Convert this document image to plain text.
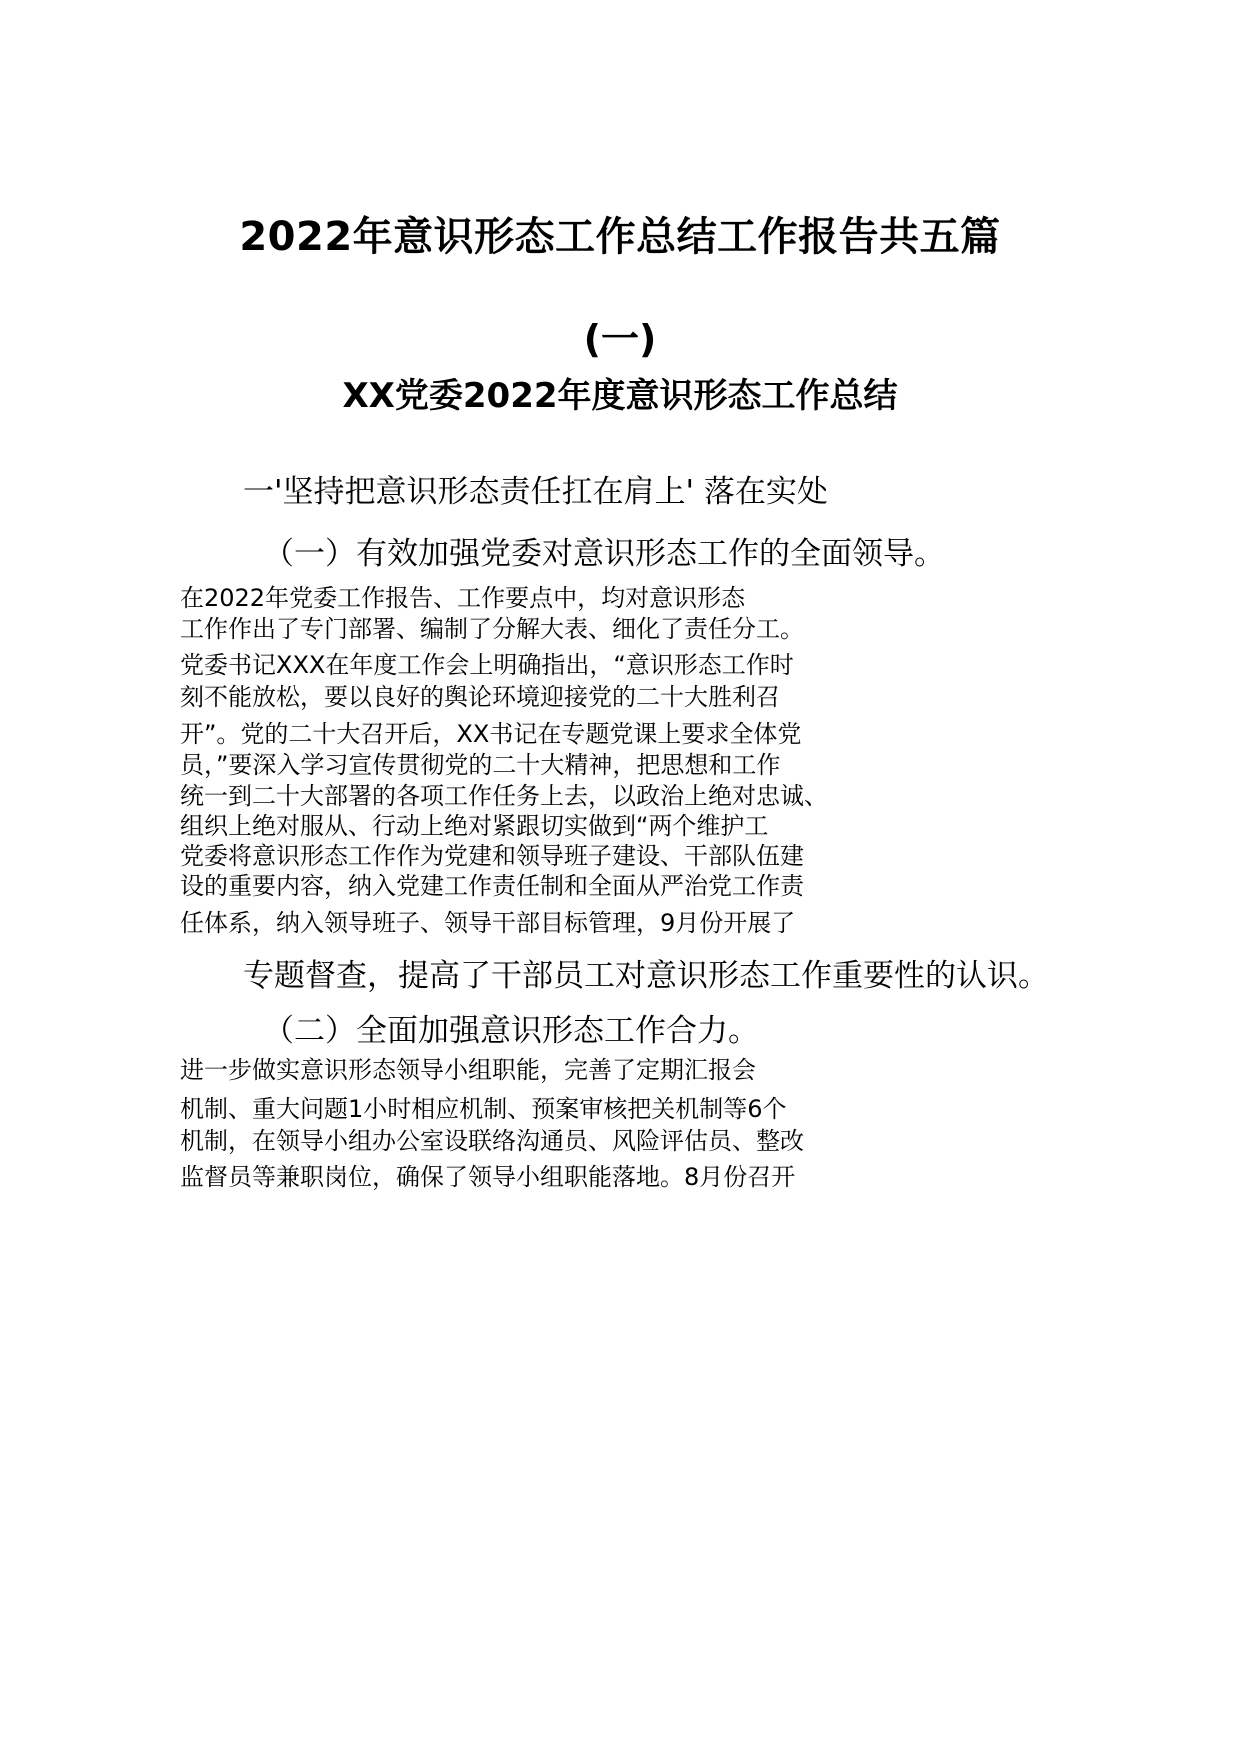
2022年意识形态工作总结工作报告共五篇
(一)
XX党委2022年度意识形态工作总结
一'坚持把意识形态责任扛在肩上' 落在实处
（一）有效加强党委对意识形态工作的全面领导。
在2022年党委工作报告、工作要点中，均对意识形态
工作作出了专门部署、编制了分解大表、细化了责任分工。
党委书记XXX在年度工作会上明确指出，“意识形态工作时
刻不能放松，要以良好的舆论环境迎接党的二十大胜利召
开”。党的二十大召开后，XX书记在专题党课上要求全体党
员，”要深入学习宣传贯彻党的二十大精神，把思想和工作
统一到二十大部署的各项工作任务上去，以政治上绝对忠诚、
组织上绝对服从、行动上绝对紧跟切实做到“两个维护工
党委将意识形态工作作为党建和领导班子建设、干部队伍建
设的重要内容，纳入党建工作责任制和全面从严治党工作责
任体系，纳入领导班子、领导干部目标管理，9月份开展了
专题督查，提高了干部员工对意识形态工作重要性的认识。
（二）全面加强意识形态工作合力。
进一步做实意识形态领导小组职能，完善了定期汇报会
机制、重大问题1小时相应机制、预案审核把关机制等6个
机制，在领导小组办公室设联络沟通员、风险评估员、整改
监督员等兼职岗位，确保了领导小组职能落地。8月份召开
